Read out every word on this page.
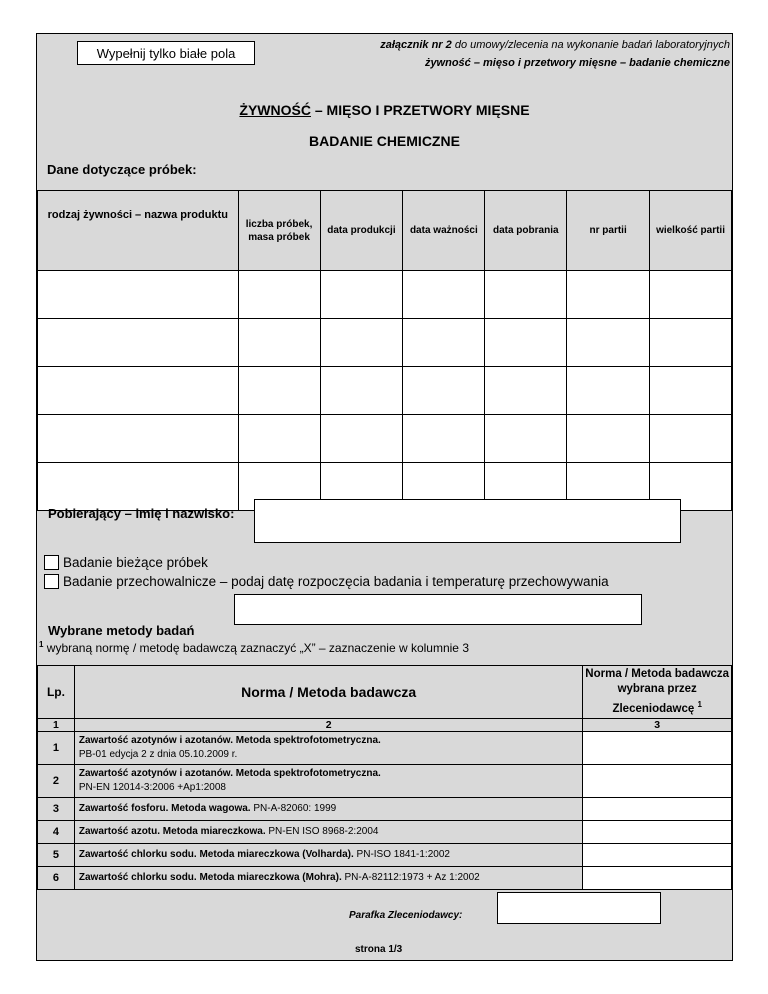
Wypełnij tylko białe pola
załącznik nr 2 do umowy/zlecenia na wykonanie badań laboratoryjnych
żywność – mięso i przetwory mięsne – badanie chemiczne
ŻYWNOŚĆ – MIĘSO I PRZETWORY MIĘSNE
BADANIE CHEMICZNE
Dane dotyczące próbek:
rodzaj żywności – nazwa produktu	liczba próbek, masa próbek	data produkcji	data ważności	data pobrania	nr partii	wielkość partii

Pobierający – imię i nazwisko:
Badanie bieżące próbek
Badanie przechowalnicze – podaj datę rozpoczęcia badania i temperaturę przechowywania
Wybrane metody badań
$^1$ wybraną normę / metodę badawczą zaznaczyć „X” – zaznaczenie w kolumnie 3
Lp.	Norma / Metoda badawcza	Norma / Metoda badawcza wybrana przez Zleceniodawcę $^1$
1	2	3
1	Zawartość azotynów i azotanów. Metoda spektrofotometryczna.
PB-01 edycja 2 z dnia 05.10.2009 r.	
2	Zawartość azotynów i azotanów. Metoda spektrofotometryczna.
PN-EN 12014-3:2006 +Ap1:2008	
3	Zawartość fosforu. Metoda wagowa. PN-A-82060: 1999	
4	Zawartość azotu. Metoda miareczkowa. PN-EN ISO 8968-2:2004	
5	Zawartość chlorku sodu. Metoda miareczkowa (Volharda). PN-ISO 1841-1:2002	
6	Zawartość chlorku sodu. Metoda miareczkowa (Mohra). PN-A-82112:1973 + Az 1:2002	
Parafka Zleceniodawcy:
strona 1/3
